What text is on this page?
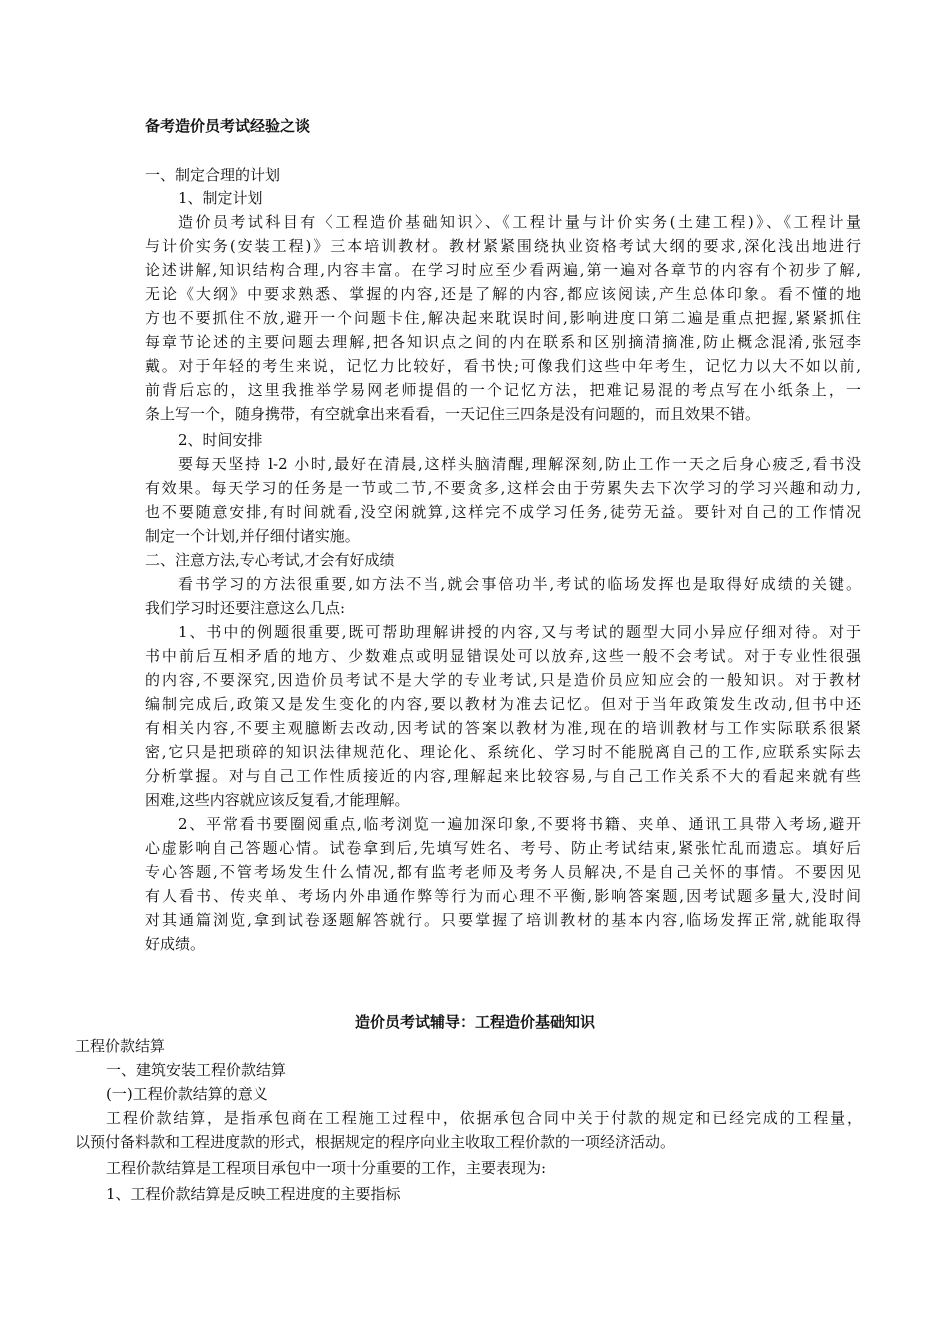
备考造价员考试经验之谈
一、制定合理的计划
1、制定计划
造价员考试科目有〈工程造价基础知识〉、《工程计量与计价实务(土建工程)》、《工程计量
与计价实务(安装工程)》三本培训教材。教材紧紧围绕执业资格考试大纲的要求,深化浅出地进行
论述讲解,知识结构合理,内容丰富。在学习时应至少看两遍,第一遍对各章节的内容有个初步了解,
无论《大纲》中要求熟悉、掌握的内容,还是了解的内容,都应该阅读,产生总体印象。看不懂的地
方也不要抓住不放,避开一个问题卡住,解决起来耽误时间,影响进度口第二遍是重点把握,紧紧抓住
每章节论述的主要问题去理解,把各知识点之间的内在联系和区别摘清摘准,防止概念混淆,张冠李
戴。对于年轻的考生来说，记忆力比较好，看书快;可像我们这些中年考生，记忆力以大不如以前,
前背后忘的，这里我推举学易网老师提倡的一个记忆方法，把难记易混的考点写在小纸条上，一
条上写一个，随身携带，有空就拿出来看看，一天记住三四条是没有问题的，而且效果不错。
2、时间安排
要每天坚持 l-2 小时,最好在清晨,这样头脑清醒,理解深刻,防止工作一天之后身心疲乏,看书没
有效果。每天学习的任务是一节或二节,不要贪多,这样会由于劳累失去下次学习的学习兴趣和动力,
也不要随意安排,有时间就看,没空闲就算,这样完不成学习任务,徒劳无益。要针对自己的工作情况
制定一个计划,并仔细付诸实施。
二、注意方法,专心考试,才会有好成绩
看书学习的方法很重要,如方法不当,就会事倍功半,考试的临场发挥也是取得好成绩的关键。
我们学习时还要注意这么几点:
1、书中的例题很重要,既可帮助理解讲授的内容,又与考试的题型大同小异应仔细对待。对于
书中前后互相矛盾的地方、少数难点或明显错误处可以放弃,这些一般不会考试。对于专业性很强
的内容,不要深究,因造价员考试不是大学的专业考试,只是造价员应知应会的一般知识。对于教材
编制完成后,政策又是发生变化的内容,要以教材为准去记忆。但对于当年政策发生改动,但书中还
有相关内容,不要主观臆断去改动,因考试的答案以教材为准,现在的培训教材与工作实际联系很紧
密,它只是把琐碎的知识法律规范化、理论化、系统化、学习时不能脱离自己的工作,应联系实际去
分析掌握。对与自己工作性质接近的内容,理解起来比较容易,与自己工作关系不大的看起来就有些
困难,这些内容就应该反复看,才能理解。
2、平常看书要圈阅重点,临考浏览一遍加深印象,不要将书籍、夹单、通讯工具带入考场,避开
心虚影响自己答题心情。试卷拿到后,先填写姓名、考号、防止考试结束,紧张忙乱而遗忘。填好后
专心答题,不管考场发生什么情况,都有监考老师及考务人员解决,不是自己关怀的事情。不要因见
有人看书、传夹单、考场内外串通作弊等行为而心理不平衡,影响答案题,因考试题多量大,没时间
对其通篇浏览,拿到试卷逐题解答就行。只要掌握了培训教材的基本内容,临场发挥正常,就能取得
好成绩。
造价员考试辅导：工程造价基础知识
工程价款结算
一、建筑安装工程价款结算
(一)工程价款结算的意义
工程价款结算，是指承包商在工程施工过程中，依据承包合同中关于付款的规定和已经完成的工程量，
以预付备料款和工程进度款的形式，根据规定的程序向业主收取工程价款的一项经济活动。
工程价款结算是工程项目承包中一项十分重要的工作，主要表现为:
1、工程价款结算是反映工程进度的主要指标
